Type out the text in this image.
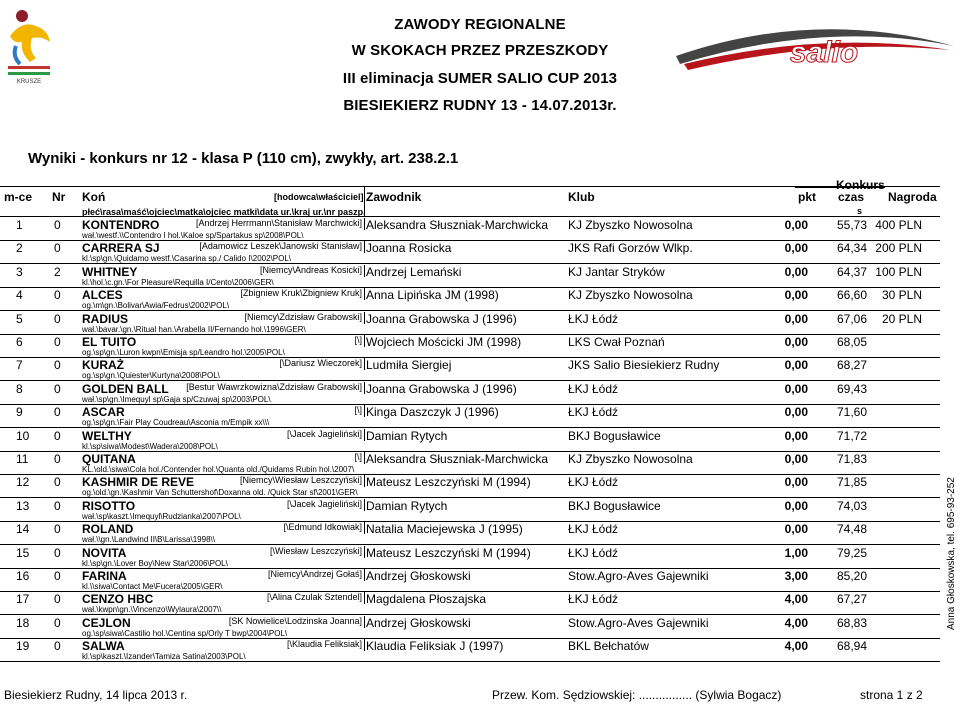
KRUSZE
salio
ZAWODY REGIONALNE
W SKOKACH PRZEZ PRZESZKODY
III eliminacja SUMER SALIO CUP 2013
BIESIEKIERZ RUDNY 13 - 14.07.2013r.
Wyniki - konkurs nr 12 - klasa P (110 cm), zwykły, art. 238.2.1
Konkurs
m-ce Nr Koń	[hodowca\właściciel] Zawodnik	Klub	pkt czas Nagroda
płeć\rasa\maść\ojciec\matka\ojciec matki\data ur.\kraj ur.\nr paszp.	s
1	0 KONTENDRO	[Andrzej Herrmann\Stanisław Marchwicki] Aleksandra Słuszniak-Marchwicka KJ Zbyszko Nowosolna	0,00 55,73 400 PLN
wał.\westf.\\Contendro I hol.\Kaloe sp/Spartakus sp\2008\POL\
2	0 CARRERA SJ	[Adamowicz Leszek\Janowski Stanisław] Joanna Rosicka	JKS Rafi Gorzów Wlkp.	0,00 64,34 200 PLN
kl.\sp\gn.\Quidamo westf.\Casarina sp./ Calido I\2002\POL\
3	2 WHITNEY	[Niemcy\Andreas Kosicki] Andrzej Lemański	KJ Jantar Stryków	0,00 64,37 100 PLN
kl.\hol.\c.gn.\For Pleasure\Requilla I/Cento\2006\GER\
4	0 ALCES	[Zbigniew Kruk\Zbigniew Kruk] Anna Lipińska JM (1998)	KJ Zbyszko Nowosolna	0,00 66,60 30 PLN
og.\m\gn.\Bolivar\Awia/Fedrus\2002\POL\
5	0 RADIUS	[Niemcy\Zdzisław Grabowski] Joanna Grabowska J (1996)	ŁKJ Łódź	0,00 67,06 20 PLN
wał.\bavar.\gn.\Ritual han.\Arabella II/Fernando hol.\1996\GER\
6	0 EL TUITO	[\] Wojciech Mościcki JM (1998)	LKS Cwał Poznań	0,00 68,05
og.\sp\gn.\Luron kwpn\Emisja sp/Leandro hol.\2005\POL\
7	0 KURAŻ	[\Dariusz Wieczorek] Ludmiła Siergiej	JKS Salio Biesiekierz Rudny	0,00 68,27
og.\sp\gn.\Quiester\Kurtyna\2008\POL\
8	0 GOLDEN BALL [Bestur Wawrzkowizna\Zdzisław Grabowski] Joanna Grabowska J (1996)	ŁKJ Łódź	0,00 69,43
wał.\sp\gn.\Imequyl sp\Gaja sp/Czuwaj sp\2003\POL\
9	0 ASCAR	[\] Kinga Daszczyk J (1996)	ŁKJ Łódź	0,00 71,60
og.\sp\gn.\Fair Play Coudreau\Asconia m/Empik xx\\\
10 0 WELTHY	[\Jacek Jagieliński] Damian Rytych	BKJ Bogusławice	0,00 71,72
kl.\sp\siwa\Modest\Wadera\2008\POL\
11 0 QUITANA	[\] Aleksandra Słuszniak-Marchwicka KJ Zbyszko Nowosolna	0,00 71,83
KL.\old.\siwa\Cola hol./Contender hol.\Quanta old./Quidams Rubin hol.\2007\
12 0 KASHMIR DE REVE	[Niemcy\Wiesław Leszczyński] Mateusz Leszczyński M (1994)	ŁKJ Łódź	0,00 71,85
og.\old.\gn.\Kashmir Van Schuttershof\Doxanna old. /Quick Star sf\2001\GER\
13 0 RISOTTO	[\Jacek Jagieliński] Damian Rytych	BKJ Bogusławice	0,00 74,03
wał.\sp\kaszt.\Imequyl\Rudzianka\2007\POL\
14 0 ROLAND	[\Edmund Idkowiak] Natalia Maciejewska J (1995)	ŁKJ Łódź	0,00 74,48
wał.\\gn.\Landwind II\B\Larissa\1998\\
15 0 NOVITA	[\Wiesław Leszczyński] Mateusz Leszczyński M (1994)	ŁKJ Łódź	1,00 79,25
kl.\sp\gn.\Lover Boy\New Star\2006\POL\
16 0 FARINA	[Niemcy\Andrzej Gołaś] Andrzej Głoskowski	Stow.Agro-Aves Gajewniki	3,00 85,20
kl.\\siwa\Contact Me\Fucera\2005\GER\
17 0 CENZO HBC	[\Alina Czulak Sztendel] Magdalena Płoszajska	ŁKJ Łódź	4,00 67,27
wał.\kwpn\gn.\Vincenzo\Wylaura\2007\\
18 0 CEJLON	[SK Nowielice\Lodzinska Joanna] Andrzej Głoskowski	Stow.Agro-Aves Gajewniki	4,00 68,83
og.\sp\siwa\Castilio hol.\Centina sp/Orly T bwp\2004\POL\
19 0 SALWA	[\Klaudia Feliksiak] Klaudia Feliksiak J (1997)	BKL Bełchatów	4,00 68,94
kl.\sp\kaszt.\Izander\Tamiza Satina\2003\POL\
Anna Głoskowska, tel. 695-93-252
Biesiekierz Rudny, 14 lipca 2013 r.	Przew. Kom. Sędziowskiej: ................ (Sylwia Bogacz)	strona 1 z 2
